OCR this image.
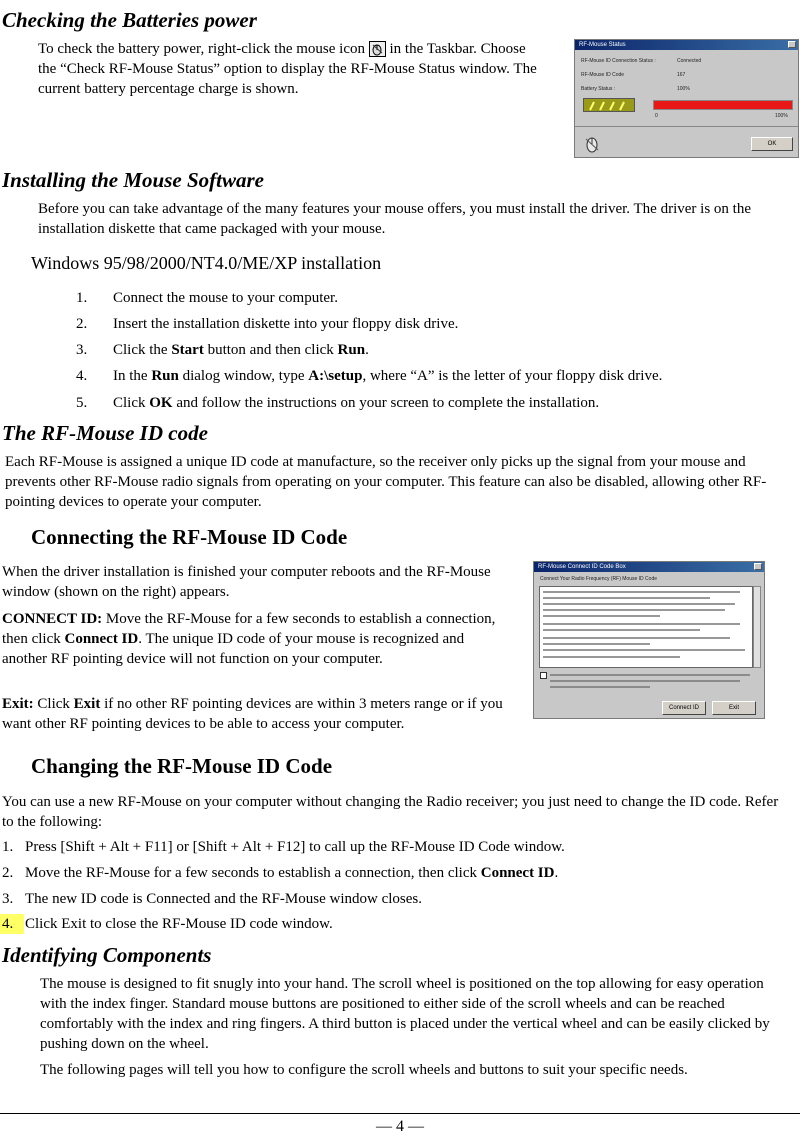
Checking the Batteries power
To check the battery power, right-click the mouse icon in the Taskbar. Choose the “Check RF-Mouse Status” option to display the RF-Mouse Status window. The current battery percentage charge is shown.
RF-Mouse Status
RF-Mouse ID Connection Status :	Connected
RF-Mouse ID Code	167
Battery Status :	100%
0	100%
OK
Installing the Mouse Software
Before you can take advantage of the many features your mouse offers, you must install the driver. The driver is on the installation diskette that came packaged with your mouse.
Windows 95/98/2000/NT4.0/ME/XP installation
1. Connect the mouse to your computer.
2. Insert the installation diskette into your floppy disk drive.
3. Click the Start button and then click Run.
4. In the Run dialog window, type A:\setup, where “A” is the letter of your floppy disk drive.
5. Click OK and follow the instructions on your screen to complete the installation.
The RF-Mouse ID code
Each RF-Mouse is assigned a unique ID code at manufacture, so the receiver only picks up the signal from your mouse and prevents other RF-Mouse radio signals from operating on your computer. This feature can also be disabled, allowing other RF-pointing devices to operate your computer.
Connecting the RF-Mouse ID Code
When the driver installation is finished your computer reboots and the RF-Mouse window (shown on the right) appears.
CONNECT ID: Move the RF-Mouse for a few seconds to establish a connection, then click Connect ID. The unique ID code of your mouse is recognized and another RF pointing device will not function on your computer.
Exit: Click Exit if no other RF pointing devices are within 3 meters range or if you want other RF pointing devices to be able to access your computer.
RF-Mouse Connect ID Code Box
Connect Your Radio Frequency (RF) Mouse ID Code
Connect ID	Exit
Changing the RF-Mouse ID Code
You can use a new RF-Mouse on your computer without changing the Radio receiver; you just need to change the ID code. Refer to the following:
1. Press [Shift + Alt + F11] or [Shift + Alt + F12] to call up the RF-Mouse ID Code window.
2. Move the RF-Mouse for a few seconds to establish a connection, then click Connect ID.
3. The new ID code is Connected and the RF-Mouse window closes.
4. Click Exit to close the RF-Mouse ID code window.
Identifying Components
The mouse is designed to fit snugly into your hand. The scroll wheel is positioned on the top allowing for easy operation with the index finger. Standard mouse buttons are positioned to either side of the scroll wheels and can be reached comfortably with the index and ring fingers. A third button is placed under the vertical wheel and can be easily clicked by pushing down on the wheel.
The following pages will tell you how to configure the scroll wheels and buttons to suit your specific needs.
— 4 —
